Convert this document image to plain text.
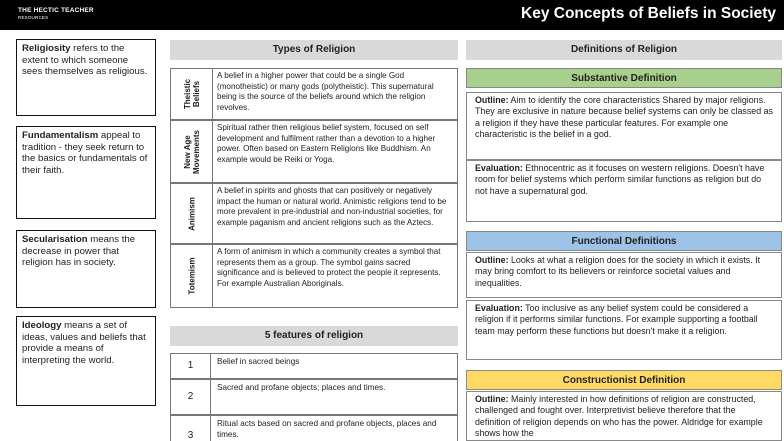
THE HECTIC TEACHER
RESOURCES	Key Concepts of Beliefs in Society
Religiosity refers to the extent to which someone sees themselves as religious.
Fundamentalism appeal to tradition - they seek return to the basics or fundamentals of their faith.
Secularisation means the decrease in power that religion has in society.
Ideology means a set of ideas, values and beliefs that provide a means of interpreting the world.
Types of Religion
Theistic
Beliefs
A belief in a higher power that could be a single God (monotheistic) or many gods (polytheistic). This supernatural being is the source of the beliefs around which the religion revolves.
New Age
Movements
Spiritual rather then religious belief system, focused on self development and fulfilment rather than a devotion to a higher power. Often based on Eastern Religions like Buddhism. An example would be Reiki or Yoga.
Animism
A belief in spirits and ghosts that can positively or negatively impact the human or natural world. Animistic religions tend to be more prevalent in pre-industrial and non-industrial societies, for example paganism and ancient religions such as the Aztecs.
Totemism
A form of animism in which a community creates a symbol that represents them as a group. The symbol gains sacred significance and is believed to protect the people it represents. For example Australian Aboriginals.
5 features of religion
1	Belief in sacred beings
2
Sacred and profane objects; places and times.
3
Ritual acts based on sacred and profane objects, places and times.
Definitions of Religion
Substantive Definition
Outline: Aim to identify the core characteristics Shared by major religions. They are exclusive in nature because belief systems can only be classed as a religion if they have these particular features. For example one characteristic is the belief in a god.
Evaluation: Ethnocentric as it focuses on western religions. Doesn't have room for belief systems which perform similar functions as religion but do not have a supernatural god.
Functional Definitions
Outline: Looks at what a religion does for the society in which it exists. It may bring comfort to its believers or reinforce societal values and inequalities.
Evaluation: Too inclusive as any belief system could be considered a religion if it performs similar functions. For example supporting a football team may perform these functions but doesn't make it a religion.
Constructionist Definition
Outline: Mainly interested in how definitions of religion are constructed, challenged and fought over. Interpretivist believe therefore that the definition of religion depends on who has the power. Aldridge for example shows how the
